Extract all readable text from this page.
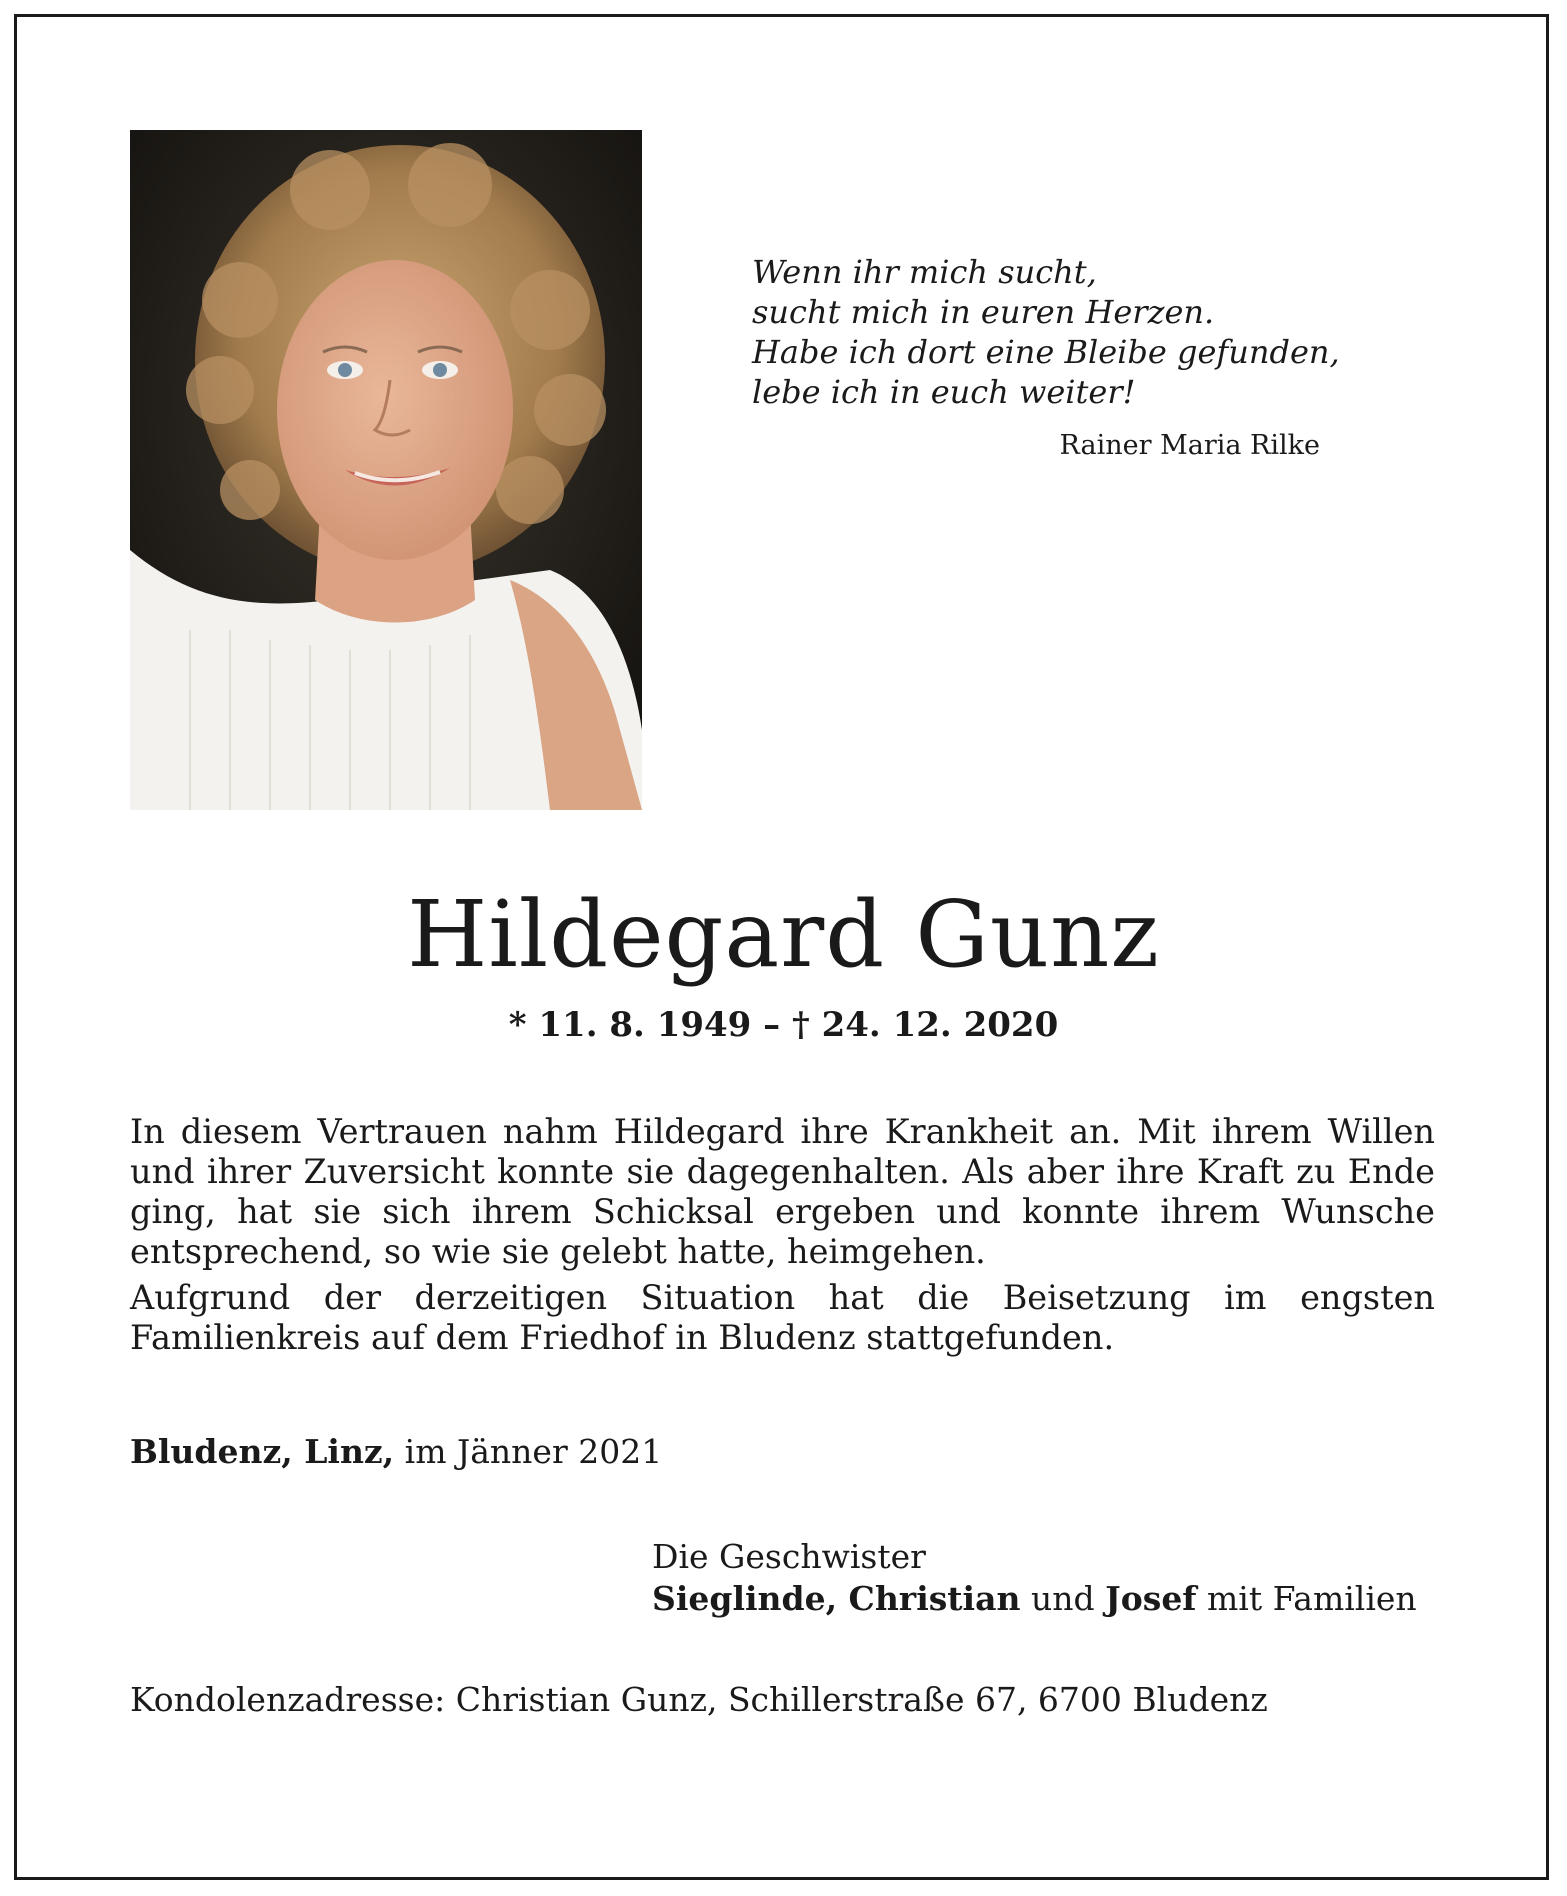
Wenn ihr mich sucht,
sucht mich in euren Herzen.
Habe ich dort eine Bleibe gefunden,
lebe ich in euch weiter!
Rainer Maria Rilke
Hildegard Gunz
* 11. 8. 1949 – † 24. 12. 2020

In diesem Vertrauen nahm Hildegard ihre Krankheit an. Mit ihrem Willen und ihrer Zuversicht konnte sie dagegenhalten. Als aber ihre Kraft zu Ende ging, hat sie sich ihrem Schicksal ergeben und konnte ihrem Wunsche entsprechend, so wie sie gelebt hatte, heimgehen.

Aufgrund der derzeitigen Situation hat die Beisetzung im engsten Familienkreis auf dem Friedhof in Bludenz stattgefunden.

Bludenz, Linz, im Jänner 2021
Die Geschwister
Sieglinde, Christian und Josef mit Familien
Kondolenzadresse: Christian Gunz, Schillerstraße 67, 6700 Bludenz
